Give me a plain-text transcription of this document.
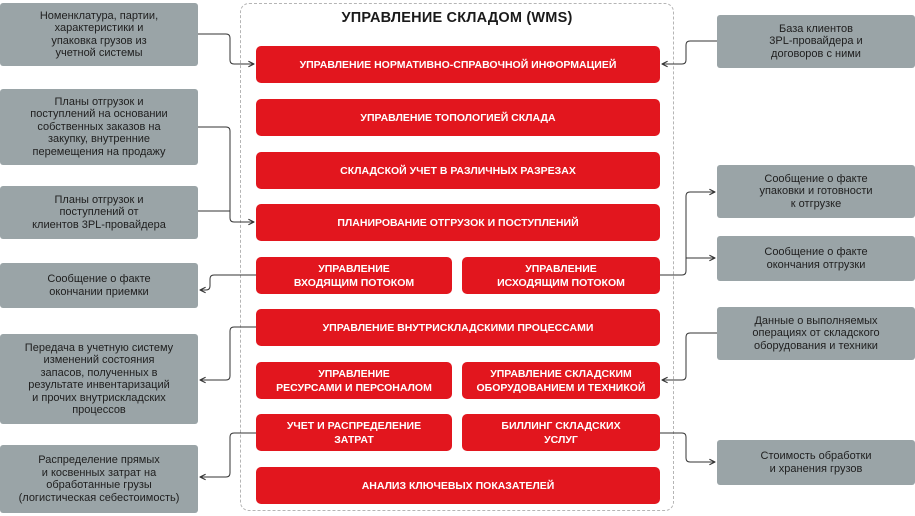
УПРАВЛЕНИЕ СКЛАДОМ (WMS)
УПРАВЛЕНИЕ НОРМАТИВНО-СПРАВОЧНОЙ ИНФОРМАЦИЕЙ
УПРАВЛЕНИЕ ТОПОЛОГИЕЙ СКЛАДА
СКЛАДСКОЙ УЧЕТ В РАЗЛИЧНЫХ РАЗРЕЗАХ
ПЛАНИРОВАНИЕ ОТГРУЗОК И ПОСТУПЛЕНИЙ
УПРАВЛЕНИЕ
ВХОДЯЩИМ ПОТОКОМ
УПРАВЛЕНИЕ
ИСХОДЯЩИМ ПОТОКОМ
УПРАВЛЕНИЕ ВНУТРИСКЛАДСКИМИ ПРОЦЕССАМИ
УПРАВЛЕНИЕ
РЕСУРСАМИ И ПЕРСОНАЛОМ
УПРАВЛЕНИЕ СКЛАДСКИМ
ОБОРУДОВАНИЕМ И ТЕХНИКОЙ
УЧЕТ И РАСПРЕДЕЛЕНИЕ
ЗАТРАТ
БИЛЛИНГ СКЛАДСКИХ
УСЛУГ
АНАЛИЗ КЛЮЧЕВЫХ ПОКАЗАТЕЛЕЙ
Номенклатура, партии,
характеристики и
упаковка грузов из
учетной системы
Планы отгрузок и
поступлений на основании
собственных заказов на
закупку, внутренние
перемещения на продажу
Планы отгрузок и
поступлений от
клиентов 3PL-провайдера
Сообщение о факте
окончании приемки
Передача в учетную систему
изменений состояния
запасов, полученных в
результате инвентаризаций
и прочих внутрискладских
процессов
Распределение прямых
и косвенных затрат на
обработанные грузы
(логистическая себестоимость)
База клиентов
3PL-провайдера и
договоров с ними
Сообщение о факте
упаковки и готовности
к отгрузке
Сообщение о факте
окончания отгрузки
Данные о выполняемых
операциях от складского
оборудования и техники
Стоимость обработки
и хранения грузов
